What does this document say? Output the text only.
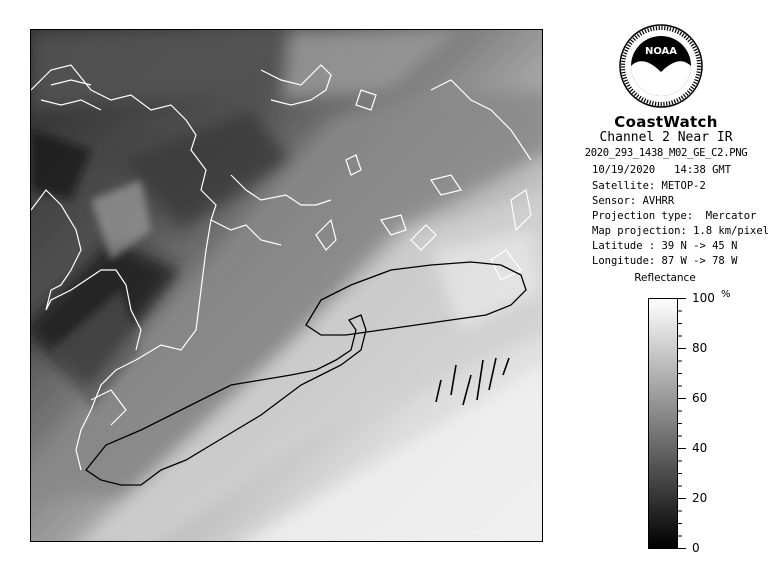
NOAA
CoastWatch
Channel 2 Near IR
2020_293_1438_M02_GE_C2.PNG
10/19/2020   14:38 GMT
Satellite: METOP-2
Sensor: AVHRR
Projection type:  Mercator
Map projection: 1.8 km/pixel
Latitude : 39 N -> 45 N
Longitude: 87 W -> 78 W
Reflectance
%
100
80
60
40
20
0
